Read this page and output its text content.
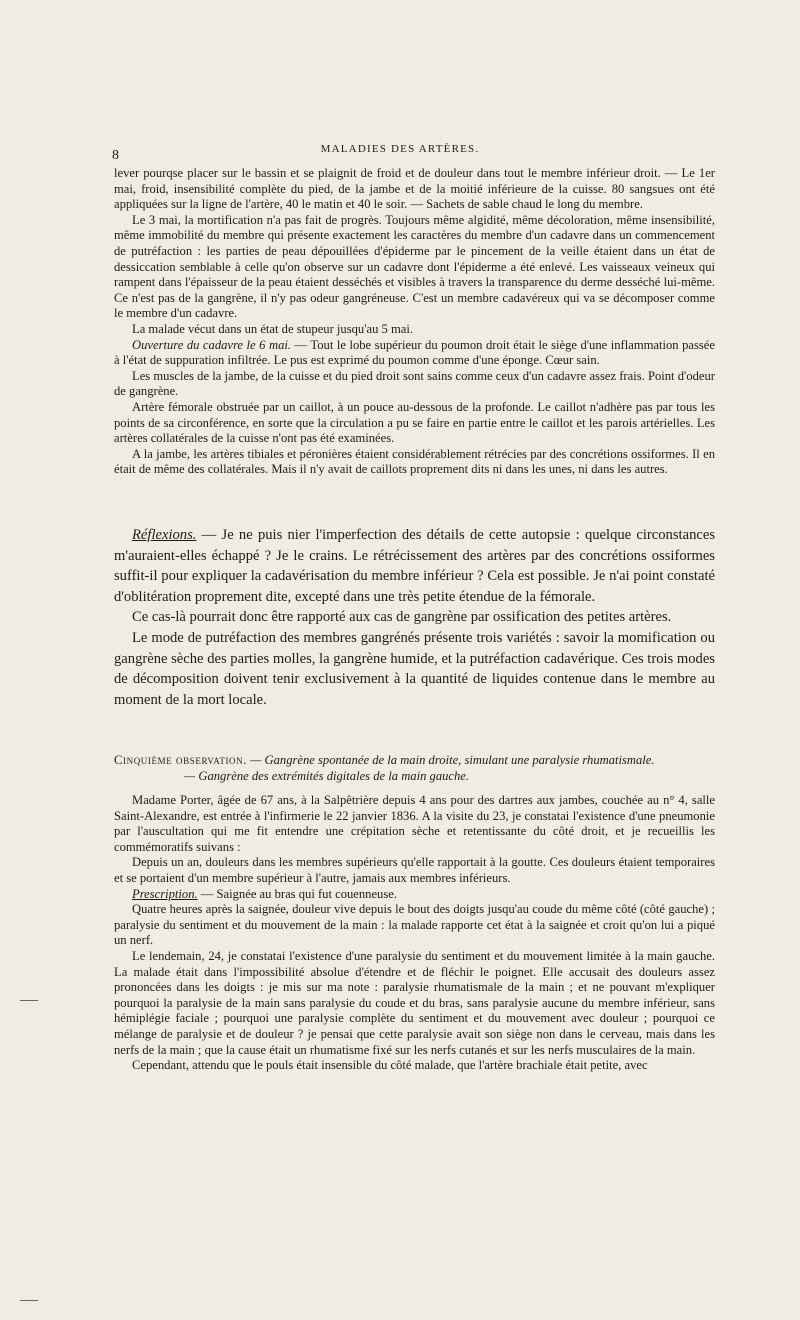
8	MALADIES DES ARTÈRES.

lever pourqse placer sur le bassin et se plaignit de froid et de douleur dans tout le membre inférieur droit. — Le 1er mai, froid, insensibilité complète du pied, de la jambe et de la moitié inférieure de la cuisse. 80 sangsues ont été appliquées sur la ligne de l'artère, 40 le matin et 40 le soir. — Sachets de sable chaud le long du membre.

Le 3 mai, la mortification n'a pas fait de progrès. Toujours même algidité, même décoloration, même insensibilité, même immobilité du membre qui présente exactement les caractères du membre d'un cadavre dans un commencement de putréfaction : les parties de peau dépouillées d'épiderme par le pincement de la veille étaient dans un état de dessiccation semblable à celle qu'on observe sur un cadavre dont l'épiderme a été enlevé. Les vaisseaux veineux qui rampent dans l'épaisseur de la peau étaient desséchés et visibles à travers la transparence du derme desséché lui-même. Ce n'est pas de la gangrène, il n'y pas odeur gangréneuse. C'est un membre cadavéreux qui va se décomposer comme le membre d'un cadavre.

La malade vécut dans un état de stupeur jusqu'au 5 mai.

Ouverture du cadavre le 6 mai. — Tout le lobe supérieur du poumon droit était le siège d'une inflammation passée à l'état de suppuration infiltrée. Le pus est exprimé du poumon comme d'une éponge. Cœur sain.

Les muscles de la jambe, de la cuisse et du pied droit sont sains comme ceux d'un cadavre assez frais. Point d'odeur de gangrène.

Artère fémorale obstruée par un caillot, à un pouce au-dessous de la profonde. Le caillot n'adhère pas par tous les points de sa circonférence, en sorte que la circulation a pu se faire en partie entre le caillot et les parois artérielles. Les artères collatérales de la cuisse n'ont pas été examinées.

A la jambe, les artères tibiales et péronières étaient considérablement rétrécies par des concrétions ossiformes. Il en était de même des collatérales. Mais il n'y avait de caillots proprement dits ni dans les unes, ni dans les autres.

Réflexions. — Je ne puis nier l'imperfection des détails de cette autopsie : quelque circonstances m'auraient-elles échappé ? Je le crains. Le rétrécissement des artères par des concrétions ossiformes suffit-il pour expliquer la cadavérisation du membre inférieur ? Cela est possible. Je n'ai point constaté d'oblitération proprement dite, excepté dans une très petite étendue de la fémorale.

Ce cas-là pourrait donc être rapporté aux cas de gangrène par ossification des petites artères.

Le mode de putréfaction des membres gangrénés présente trois variétés : savoir la momification ou gangrène sèche des parties molles, la gangrène humide, et la putréfaction cadavérique. Ces trois modes de décomposition doivent tenir exclusivement à la quantité de liquides contenue dans le membre au moment de la mort locale.

Cinquième observation. — Gangrène spontanée de la main droite, simulant une paralysie rhumatismale.
— Gangrène des extrémités digitales de la main gauche.

Madame Porter, âgée de 67 ans, à la Salpêtrière depuis 4 ans pour des dartres aux jambes, couchée au n° 4, salle Saint-Alexandre, est entrée à l'infirmerie le 22 janvier 1836. A la visite du 23, je constatai l'existence d'une pneumonie par l'auscultation qui me fit entendre une crépitation sèche et retentissante du côté droit, et je recueillis les commémoratifs suivans :

Depuis un an, douleurs dans les membres supérieurs qu'elle rapportait à la goutte. Ces douleurs étaient temporaires et se portaient d'un membre supérieur à l'autre, jamais aux membres inférieurs.

Prescription. — Saignée au bras qui fut couenneuse.

Quatre heures après la saignée, douleur vive depuis le bout des doigts jusqu'au coude du même côté (côté gauche) ; paralysie du sentiment et du mouvement de la main : la malade rapporte cet état à la saignée et croit qu'on lui a piqué un nerf.

Le lendemain, 24, je constatai l'existence d'une paralysie du sentiment et du mouvement limitée à la main gauche. La malade était dans l'impossibilité absolue d'étendre et de fléchir le poignet. Elle accusait des douleurs assez prononcées dans les doigts : je mis sur ma note : paralysie rhumatismale de la main ; et ne pouvant m'expliquer pourquoi la paralysie de la main sans paralysie du coude et du bras, sans paralysie aucune du membre inférieur, sans hémiplégie faciale ; pourquoi une paralysie complète du sentiment et du mouvement avec douleur ; pourquoi ce mélange de paralysie et de douleur ? je pensai que cette paralysie avait son siège non dans le cerveau, mais dans les nerfs de la main ; que la cause était un rhumatisme fixé sur les nerfs cutanés et sur les nerfs musculaires de la main.

Cependant, attendu que le pouls était insensible du côté malade, que l'artère brachiale était petite, avec
